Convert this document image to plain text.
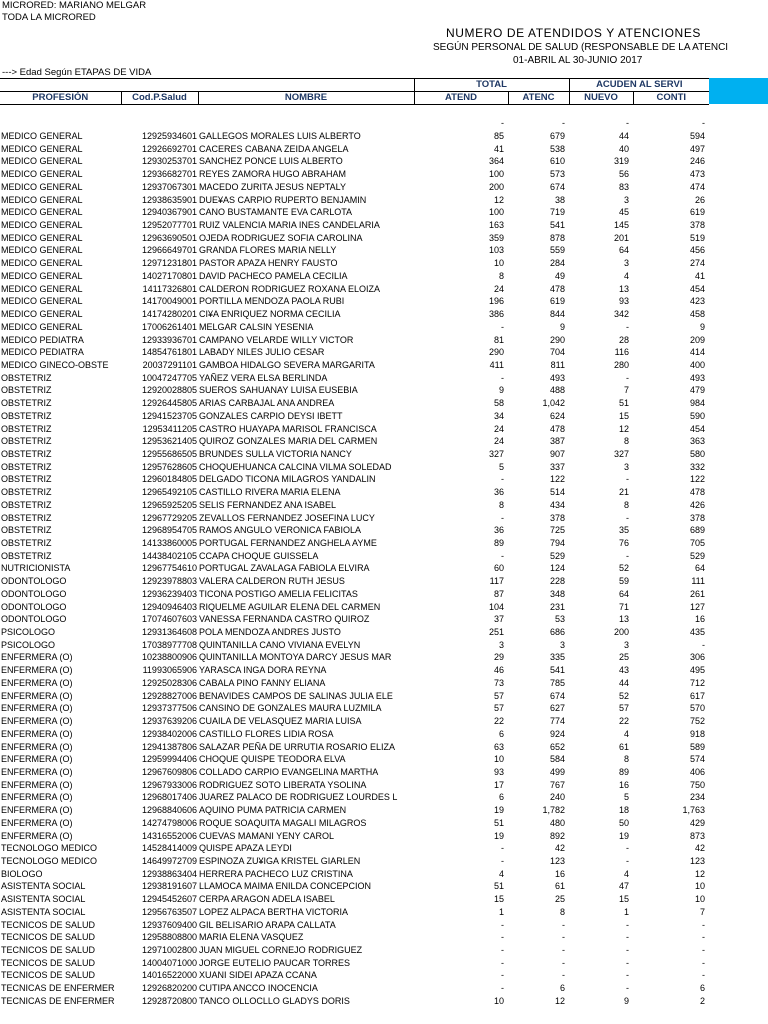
MICRORED: MARIANO MELGAR
TODA LA MICRORED
NUMERO DE ATENDIDOS Y ATENCIONES
SEGÚN PERSONAL DE SALUD (RESPONSABLE DE LA ATENCI
01-ABRIL AL 30-JUNIO 2017
---> Edad Según ETAPAS DE VIDA
			TOTAL		ACUDEN AL SERVI	
PROFESIÓN	Cod.P.Salud	NOMBRE	ATEND	ATENC	NUEVO	CONTI
			-	-	-	-
MEDICO GENERAL	12925934601	GALLEGOS MORALES LUIS ALBERTO	85	679	44	594
MEDICO GENERAL	12926692701	CACERES CABANA ZEIDA ANGELA	41	538	40	497
MEDICO GENERAL	12930253701	SANCHEZ PONCE LUIS ALBERTO	364	610	319	246
MEDICO GENERAL	12936682701	REYES ZAMORA HUGO ABRAHAM	100	573	56	473
MEDICO GENERAL	12937067301	MACEDO ZURITA JESUS NEPTALY	200	674	83	474
MEDICO GENERAL	12938635901	DUE¥AS CARPIO RUPERTO BENJAMIN	12	38	3	26
MEDICO GENERAL	12940367901	CANO BUSTAMANTE EVA CARLOTA	100	719	45	619
MEDICO GENERAL	12952077701	RUIZ VALENCIA MARIA INES CANDELARIA	163	541	145	378
MEDICO GENERAL	12963690501	OJEDA RODRIGUEZ SOFIA CAROLINA	359	878	201	519
MEDICO GENERAL	12966649701	GRANDA FLORES MARIA NELLY	103	559	64	456
MEDICO GENERAL	12971231801	PASTOR APAZA HENRY FAUSTO	10	284	3	274
MEDICO GENERAL	14027170801	DAVID PACHECO PAMELA CECILIA	8	49	4	41
MEDICO GENERAL	14117326801	CALDERON RODRIGUEZ ROXANA ELOIZA	24	478	13	454
MEDICO GENERAL	14170049001	PORTILLA MENDOZA PAOLA RUBI	196	619	93	423
MEDICO GENERAL	14174280201	CI¥A ENRIQUEZ NORMA CECILIA	386	844	342	458
MEDICO GENERAL	17006261401	MELGAR CALSIN YESENIA	-	9	-	9
MEDICO PEDIATRA	12933936701	CAMPANO VELARDE WILLY VICTOR	81	290	28	209
MEDICO PEDIATRA	14854761801	LABADY NILES JULIO CESAR	290	704	116	414
MEDICO GINECO-OBSTE	20037291101	GAMBOA HIDALGO SEVERA MARGARITA	411	811	280	400
OBSTETRIZ	10047247705	YAÑEZ VERA ELSA BERLINDA	-	493	-	493
OBSTETRIZ	12920028805	SUEROS SAHUANAY LUISA EUSEBIA	9	488	7	479
OBSTETRIZ	12926445805	ARIAS CARBAJAL ANA ANDREA	58	1,042	51	984
OBSTETRIZ	12941523705	GONZALES CARPIO DEYSI IBETT	34	624	15	590
OBSTETRIZ	12953411205	CASTRO HUAYAPA MARISOL FRANCISCA	24	478	12	454
OBSTETRIZ	12953621405	QUIROZ GONZALES MARIA DEL CARMEN	24	387	8	363
OBSTETRIZ	12955686505	BRUNDES SULLA VICTORIA NANCY	327	907	327	580
OBSTETRIZ	12957628605	CHOQUEHUANCA CALCINA VILMA SOLEDAD	5	337	3	332
OBSTETRIZ	12960184805	DELGADO TICONA MILAGROS YANDALIN	-	122	-	122
OBSTETRIZ	12965492105	CASTILLO RIVERA MARIA ELENA	36	514	21	478
OBSTETRIZ	12965925205	SELIS FERNANDEZ ANA ISABEL	8	434	8	426
OBSTETRIZ	12967729205	ZEVALLOS FERNANDEZ JOSEFINA LUCY	-	378	-	378
OBSTETRIZ	12968954705	RAMOS ANGULO VERONICA FABIOLA	36	725	35	689
OBSTETRIZ	14133860005	PORTUGAL FERNANDEZ ANGHELA AYME	89	794	76	705
OBSTETRIZ	14438402105	CCAPA CHOQUE GUISSELA	-	529	-	529
NUTRICIONISTA	12967754610	PORTUGAL ZAVALAGA FABIOLA ELVIRA	60	124	52	64
ODONTOLOGO	12923978803	VALERA CALDERON RUTH JESUS	117	228	59	111
ODONTOLOGO	12936239403	TICONA POSTIGO AMELIA FELICITAS	87	348	64	261
ODONTOLOGO	12940946403	RIQUELME AGUILAR ELENA DEL CARMEN	104	231	71	127
ODONTOLOGO	17074607603	VANESSA FERNANDA CASTRO QUIROZ	37	53	13	16
PSICOLOGO	12931364608	POLA MENDOZA ANDRES JUSTO	251	686	200	435
PSICOLOGO	17038977708	QUINTANILLA CANO VIVIANA EVELYN	3	3	3	-
ENFERMERA (O)	10238800906	QUINTANILLA MONTOYA DARCY JESUS MAR	29	335	25	306
ENFERMERA (O)	11993065906	YARASCA INGA DORA REYNA	46	541	43	495
ENFERMERA (O)	12925028306	CABALA PINO FANNY ELIANA	73	785	44	712
ENFERMERA (O)	12928827006	BENAVIDES CAMPOS DE SALINAS JULIA ELE	57	674	52	617
ENFERMERA (O)	12937377506	CANSINO DE GONZALES MAURA LUZMILA	57	627	57	570
ENFERMERA (O)	12937639206	CUAILA DE VELASQUEZ MARIA LUISA	22	774	22	752
ENFERMERA (O)	12938402006	CASTILLO FLORES LIDIA ROSA	6	924	4	918
ENFERMERA (O)	12941387806	SALAZAR PEÑA DE URRUTIA ROSARIO ELIZA	63	652	61	589
ENFERMERA (O)	12959994406	CHOQUE QUISPE TEODORA ELVA	10	584	8	574
ENFERMERA (O)	12967609806	COLLADO CARPIO EVANGELINA MARTHA	93	499	89	406
ENFERMERA (O)	12967933006	RODRIGUEZ SOTO LIBERATA YSOLINA	17	767	16	750
ENFERMERA (O)	12968017406	JUAREZ PALACO DE RODRIGUEZ LOURDES L	6	240	5	234
ENFERMERA (O)	12968840606	AQUINO PUMA PATRICIA CARMEN	19	1,782	18	1,763
ENFERMERA (O)	14274798006	ROQUE SOAQUITA MAGALI MILAGROS	51	480	50	429
ENFERMERA (O)	14316552006	CUEVAS MAMANI YENY CAROL	19	892	19	873
TECNOLOGO MEDICO	14528414009	QUISPE APAZA LEYDI	-	42	-	42
TECNOLOGO MEDICO	14649972709	ESPINOZA ZU¥IGA KRISTEL GIARLEN	-	123	-	123
BIOLOGO	12938863404	HERRERA PACHECO LUZ CRISTINA	4	16	4	12
ASISTENTA SOCIAL	12938191607	LLAMOCA MAIMA ENILDA CONCEPCION	51	61	47	10
ASISTENTA SOCIAL	12945452607	CERPA ARAGON ADELA ISABEL	15	25	15	10
ASISTENTA SOCIAL	12956763507	LOPEZ ALPACA BERTHA VICTORIA	1	8	1	7
TECNICOS DE SALUD	12937609400	GIL BELISARIO ARAPA CALLATA	-	-	-	-
TECNICOS DE SALUD	12958808800	MARIA ELENA VASQUEZ	-	-	-	-
TECNICOS DE SALUD	12971002800	JUAN MIGUEL CORNEJO RODRIGUEZ	-	-	-	-
TECNICOS DE SALUD	14004071000	JORGE EUTELIO PAUCAR TORRES	-	-	-	-
TECNICOS DE SALUD	14016522000	XUANI SIDEI APAZA CCANA	-	-	-	-
TECNICAS DE ENFERMER	12926820200	CUTIPA ANCCO INOCENCIA	-	6	-	6
TECNICAS DE ENFERMER	12928720800	TANCO OLLOCLLO GLADYS DORIS	10	12	9	2
